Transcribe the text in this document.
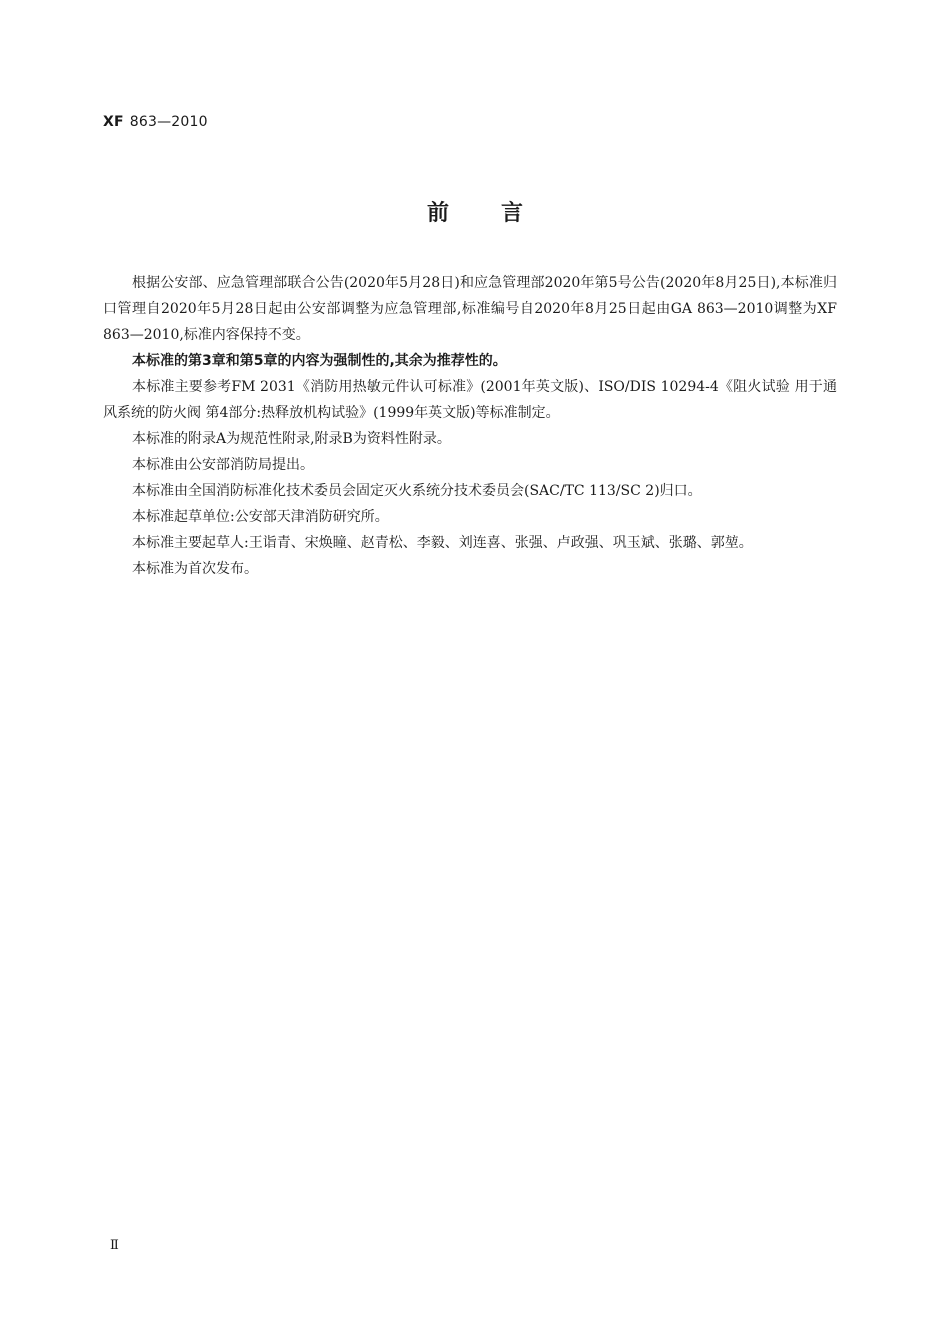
XF 863—2010
前言

根据公安部、应急管理部联合公告(2020年5月28日)和应急管理部2020年第5号公告(2020年8月25日),本标准归口管理自2020年5月28日起由公安部调整为应急管理部,标准编号自2020年8月25日起由GA 863—2010调整为XF 863—2010,标准内容保持不变。

本标准的第3章和第5章的内容为强制性的,其余为推荐性的。

本标准主要参考FM 2031《消防用热敏元件认可标准》(2001年英文版)、ISO/DIS 10294-4《阻火试验 用于通风系统的防火阀 第4部分:热释放机构试验》(1999年英文版)等标准制定。

本标准的附录A为规范性附录,附录B为资料性附录。

本标准由公安部消防局提出。

本标准由全国消防标准化技术委员会固定灭火系统分技术委员会(SAC/TC 113/SC 2)归口。

本标准起草单位:公安部天津消防研究所。

本标准主要起草人:王诣青、宋焕瞳、赵青松、李毅、刘连喜、张强、卢政强、巩玉斌、张璐、郭堃。

本标准为首次发布。

Ⅱ
